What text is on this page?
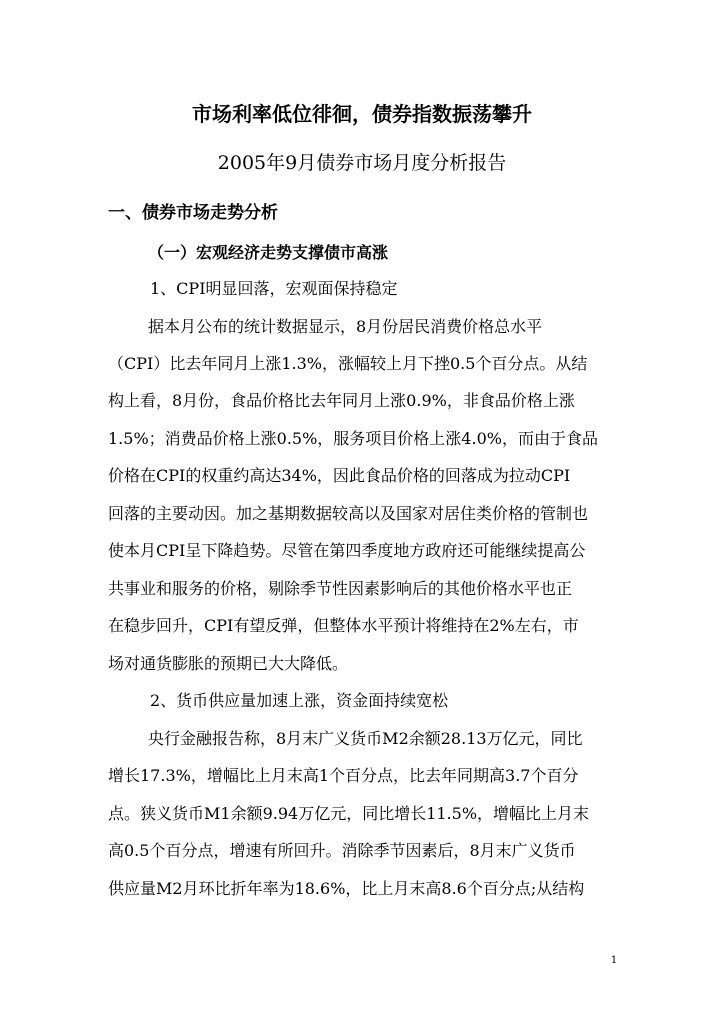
市场利率低位徘徊，债券指数振荡攀升
2005年9月债券市场月度分析报告
一、债券市场走势分析
（一）宏观经济走势支撑债市高涨
1、CPI明显回落，宏观面保持稳定
据本月公布的统计数据显示，8月份居民消费价格总水平
（CPI）比去年同月上涨1.3%，涨幅较上月下挫0.5个百分点。从结
构上看，8月份，食品价格比去年同月上涨0.9%，非食品价格上涨
1.5%；消费品价格上涨0.5%，服务项目价格上涨4.0%，而由于食品
价格在CPI的权重约高达34%，因此食品价格的回落成为拉动CPI
回落的主要动因。加之基期数据较高以及国家对居住类价格的管制也
使本月CPI呈下降趋势。尽管在第四季度地方政府还可能继续提高公
共事业和服务的价格，剔除季节性因素影响后的其他价格水平也正
在稳步回升，CPI有望反弹，但整体水平预计将维持在2%左右，市
场对通货膨胀的预期已大大降低。
2、货币供应量加速上涨，资金面持续宽松
央行金融报告称，8月末广义货币M2余额28.13万亿元，同比
增长17.3%，增幅比上月末高1个百分点，比去年同期高3.7个百分
点。狭义货币M1余额9.94万亿元，同比增长11.5%，增幅比上月末
高0.5个百分点，增速有所回升。消除季节因素后，8月末广义货币
供应量M2月环比折年率为18.6%，比上月末高8.6个百分点;从结构
1
